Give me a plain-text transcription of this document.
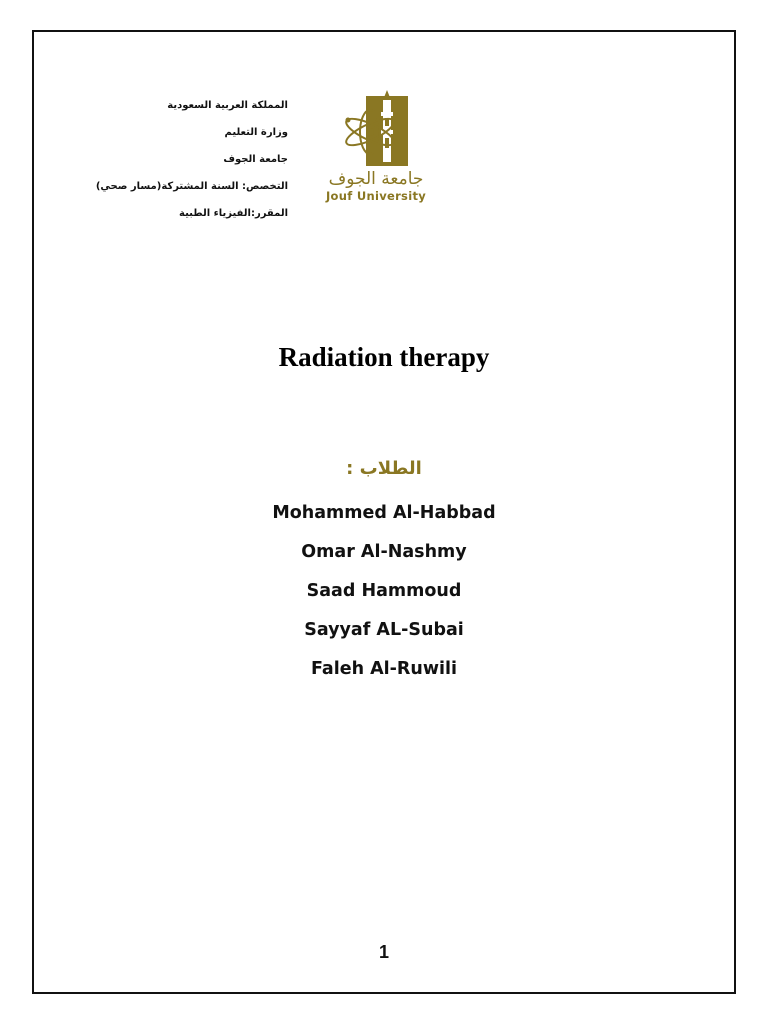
المملكة العربية السعودية
وزارة التعليم
جامعة الجوف
التخصص: السنة المشتركة(مسار صحي)
المقرر:الفيزياء الطبية
جامعة الجوف
Jouf University
Radiation therapy
الطلاب :
Mohammed Al-Habbad
Omar Al-Nashmy
Saad Hammoud
Sayyaf AL-Subai
Faleh Al-Ruwili
1
